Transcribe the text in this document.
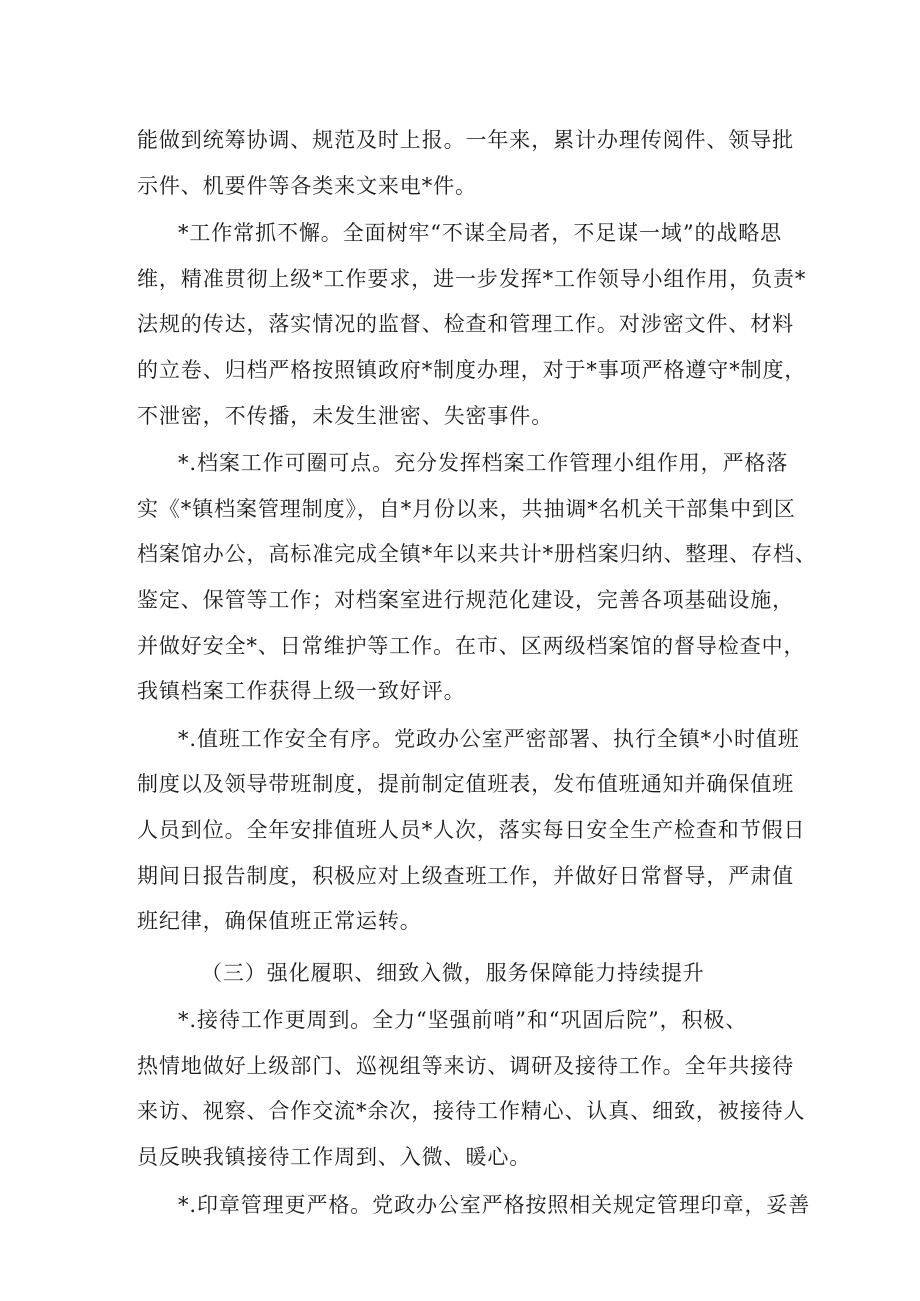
能做到统筹协调、规范及时上报。一年来，累计办理传阅件、领导批
示件、机要件等各类来文来电*件。
*工作常抓不懈。全面树牢“不谋全局者，不足谋一域”的战略思
维，精准贯彻上级*工作要求，进一步发挥*工作领导小组作用，负责*
法规的传达，落实情况的监督、检查和管理工作。对涉密文件、材料
的立卷、归档严格按照镇政府*制度办理，对于*事项严格遵守*制度，
不泄密，不传播，未发生泄密、失密事件。
*.档案工作可圈可点。充分发挥档案工作管理小组作用，严格落
实《*镇档案管理制度》，自*月份以来，共抽调*名机关干部集中到区
档案馆办公，高标准完成全镇*年以来共计*册档案归纳、整理、存档、
鉴定、保管等工作；对档案室进行规范化建设，完善各项基础设施，
并做好安全*、日常维护等工作。在市、区两级档案馆的督导检查中，
我镇档案工作获得上级一致好评。
*.值班工作安全有序。党政办公室严密部署、执行全镇*小时值班
制度以及领导带班制度，提前制定值班表，发布值班通知并确保值班
人员到位。全年安排值班人员*人次，落实每日安全生产检查和节假日
期间日报告制度，积极应对上级查班工作，并做好日常督导，严肃值
班纪律，确保值班正常运转。
（三）强化履职、细致入微，服务保障能力持续提升
*.接待工作更周到。全力“坚强前哨”和“巩固后院”，积极、
热情地做好上级部门、巡视组等来访、调研及接待工作。全年共接待
来访、视察、合作交流*余次，接待工作精心、认真、细致，被接待人
员反映我镇接待工作周到、入微、暖心。
*.印章管理更严格。党政办公室严格按照相关规定管理印章，妥善
